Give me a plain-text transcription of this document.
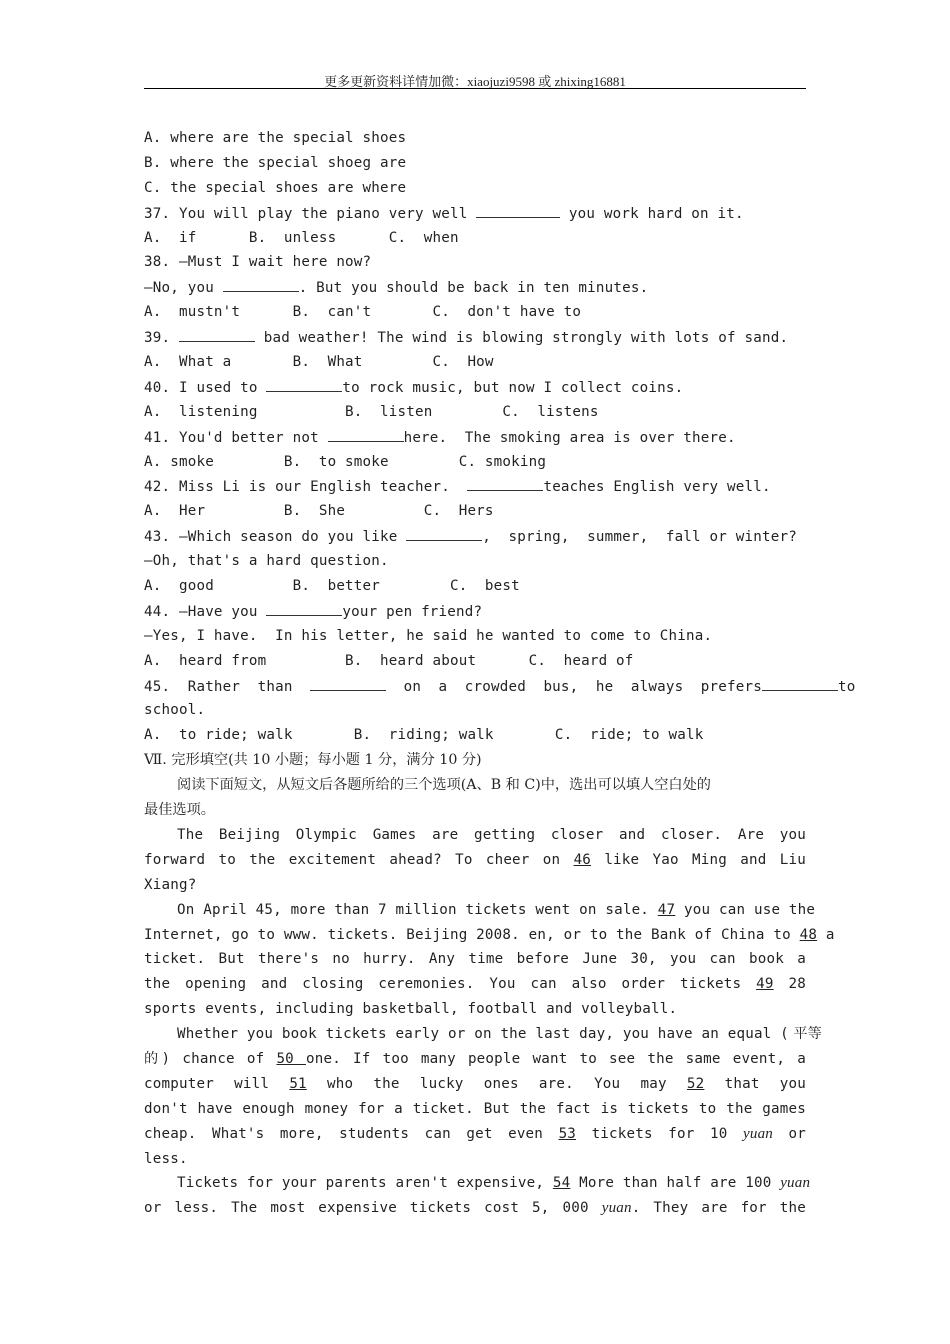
更多更新资料详情加微：xiaojuzi9598 或 zhixing16881
A. where are the special shoes
B. where the special shoeg are
C. the special shoes are where
37. You will play the piano very well	you work hard on it.
A.  if      B.  unless      C.  when
38. —Must I wait here now?
—No, you	. But you should be back in ten minutes.
A.  mustn't      B.  can't       C.  don't have to
39.	bad weather! The wind is blowing strongly with lots of sand.
A.  What a       B.  What        C.  How
40. I used to	to rock music, but now I collect coins.
A.  listening          B.  listen        C.  listens
41. You'd better not	here.  The smoking area is over there.
A. smoke        B.  to smoke        C. smoking
42. Miss Li is our English teacher.	teaches English very well.
A.  Her         B.  She         C.  Hers
43. —Which season do you like	,  spring,  summer,  fall or winter?
—Oh, that's a hard question.
A.  good         B.  better        C.  best
44. —Have you	your pen friend?
—Yes, I have.  In his letter, he said he wanted to come to China.
A.  heard from         B.  heard about      C.  heard of
45.  Rather  than	on  a  crowded  bus,  he  always  prefers	to
school.
A.  to ride; walk       B.  riding; walk       C.  ride; to walk
Ⅶ. 完形填空(共 10 小题；每小题 1 分，满分 10 分)
阅读下面短文，从短文后各题所给的三个选项(A、B 和 C)中，选出可以填人空白处的
最佳选项。
The Beijing Olympic Games are getting closer and closer. Are you
forward to the excitement ahead? To cheer on 46 like Yao Ming and Liu
Xiang?
On April 45, more than 7 million tickets went on sale. 47 you can use the
Internet, go to www. tickets. Beijing 2008. en, or to the Bank of China to 48 a
ticket. But there's no hurry. Any time before June 30, you can book a
the opening and closing ceremonies. You can also order tickets 49 28
sports events, including basketball, football and volleyball.
Whether you book tickets early or on the last day, you have an equal ( 平等
的) chance of 50 one. If too many people want to see the same event, a
computer will 51 who the lucky ones are. You may 52 that you
don't have enough money for a ticket. But the fact is tickets to the games
cheap. What's more, students can get even 53 tickets for 10 yuan or
less.
Tickets for your parents aren't expensive, 54 More than half are 100 yuan
or less. The most expensive tickets cost 5, 000 yuan. They are for the
